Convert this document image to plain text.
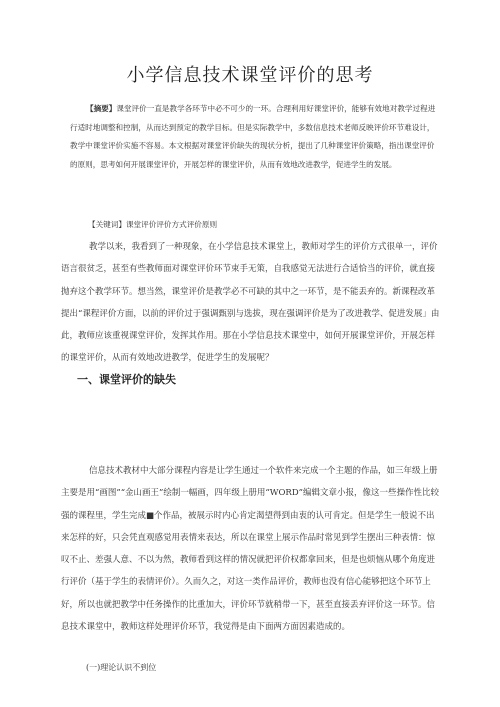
小学信息技术课堂评价的思考
【摘要】课堂评价一直是教学各环节中必不可少的一环。合理利用好课堂评价，能够有效地对教学过程进行适时地调整和控制，从而达到预定的教学目标。但是实际教学中，多数信息技术老师反映评价环节难设计，教学中课堂评价实施不容易。本文根据对课堂评价缺失的现状分析，提出了几种课堂评价策略，指出课堂评价的原则，思考如何开展课堂评价，开展怎样的课堂评价，从而有效地改进教学，促进学生的发展。
【关键词】课堂评价评价方式评价原则
教学以来，我看到了一种现象，在小学信息技术课堂上，教师对学生的评价方式很单一，评价语言很贫乏，甚至有些教师面对课堂评价环节束手无策，自我感觉无法进行合适恰当的评价，就直接抛弃这个教学环节。想当然，课堂评价是教学必不可缺的其中之一环节，是不能丢弃的。新课程改革提出“课程评价方面，以前的评价过于强调甄别与选拔，现在强调评价是为了改进教学、促进发展」由此，教师应该重视课堂评价，发挥其作用。那在小学信息技术课堂中，如何开展课堂评价，开展怎样的课堂评价，从而有效地改进教学，促进学生的发展呢？
一、课堂评价的缺失
信息技术教材中大部分课程内容是让学生通过一个软件来完成一个主题的作品，如三年级上册主要是用“画图”“金山画王”绘制一幅画，四年级上册用“WORD”编辑文章小报，像这一些操作性比较强的课程里，学生完成■个作品，被展示时内心肯定渴望得到由衷的认可肯定。但是学生一般说不出来怎样的好，只会凭直观感觉用表情来表达，所以在课堂上展示作品时常见到学生摆出三种表情：惊叹不止、差强人意、不以为然，教师看到这样的情况就把评价权都拿回来，但是也烦恼从哪个角度进行评价（基于学生的表情评价）。久而久之，对这一类作品评价，教师也没有信心能够把这个环节上好，所以也就把教学中任务操作的比重加大，评价环节就稍带一下，甚至直接丢弃评价这一环节。信息技术课堂中，教师这样处理评价环节，我觉得是由下面两方面因素造成的。
(一)理论认识不到位
